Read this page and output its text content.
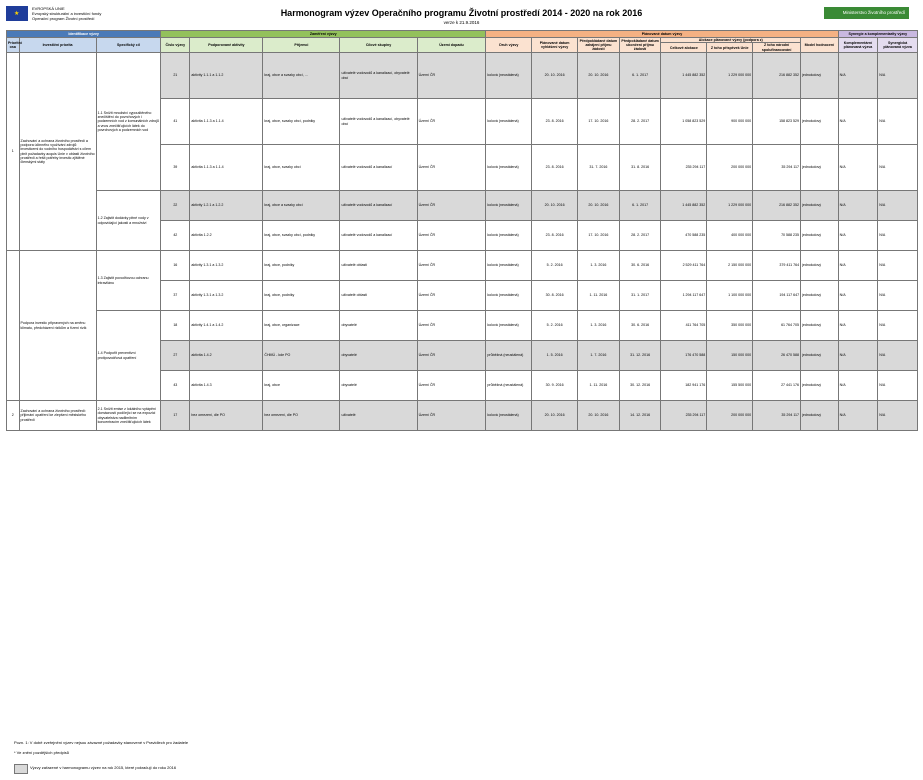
★
EVROPSKÁ UNIE
Evropský strukturální a investiční fondy
Operační program Životní prostředí
Ministerstvo životního prostředí
Harmonogram výzev Operačního programu Životní prostředí 2014 - 2020 na rok 2016
verze k 21.9.2016
Identifikace výzvy			Zaměření výzvy					Plánované datum výzvy								Synergie a komplementarity výzvy	
Prioritní osa	Investiční priorita	Specifický cíl	Číslo výzvy	Podporované aktivity	Příjemci	Cílové skupiny	Území dopadu	Druh výzvy	Plánované datum vyhlášení výzvy	Předpokládané datum zahájení příjmu žádostí	Předpokládané datum ukončení příjmu žádostí	Alokace plánované výzvy (podpora z)			Model hodnocení	Komplementární plánovaná výzva	Synergická plánovaná výzva
												Celkově alokace	Z toho příspěvek Unie	Z toho národní spolufinancování			
1	Zachování a ochrana životního prostředí a podpora účinného využívání zdrojů: investicemi do vodního hospodářství s cílem plnit požadavky acquis Unie v oblasti životního prostředí a řešit potřeby investic zjištěné členskými státy	1.1 Snížit množství vypouštěného znečištění do povrchových i podzemních vod z komunálních zdrojů a vnos znečišťujících látek do povrchových a podzemních vod	21	aktivity 1.1.1 a 1.1.2	kraj, obce a svazky obcí, ...	uživatelé vodovodů a kanalizací, obyvatelé obcí	Území ČR	kolová (neustálená)	20. 10. 2016	20. 10. 2016	6. 1. 2017	1 445 882 352	1 229 000 000	216 882 352	jednokolový	N/A	N/A
			41	aktivita 1.1.3 a 1.1.4	kraj, obce, svazky obcí, podniky	uživatelé vodovodů a kanalizací, obyvatelé obcí	Území ČR	kolová (neustálená)	23. 8. 2016	17. 10. 2016	28. 2. 2017	1 058 823 529	900 000 000	158 823 529	jednokolový	N/A	N/A
			39	aktivita 1.1.3 a 1.1.4	kraj, obce, svazky obcí	uživatelé vodovodů a kanalizací	Území ČR	kolová (neustálená)	23. 8. 2016	31. 7. 2016	31. 8. 2016	235 294 117	200 000 000	35 294 117	jednokolový	N/A	N/A
		1.2 Zajistit dodávky pitné vody v odpovídající jakosti a množství	22	aktivity 1.2.1 a 1.2.2	kraj, obce a svazky obcí	uživatelé vodovodů a kanalizací	Území ČR	kolová (neustálená)	20. 10. 2016	20. 10. 2016	6. 1. 2017	1 445 882 352	1 229 000 000	216 882 352	jednokolový	N/A	N/A
			42	aktivita 1.2.2	kraj, obce, svazky obcí, podniky	uživatelé vodovodů a kanalizací	Území ČR	kolová (neustálená)	23. 8. 2016	17. 10. 2016	28. 2. 2017	470 588 235	400 000 000	70 588 235	jednokolový	N/A	N/A
	Podpora investic připravených na změnu klimatu, předcházení rizikům a řízení rizik	1.3 Zajistit povodňovou ochranu intravilánu	16	aktivity 1.3.1 a 1.3.2	kraj, obce, podniky	uživatelé oblasti	Území ČR	kolová (neustálená)	5. 2. 2016	1. 3. 2016	30. 6. 2016	2 529 411 764	2 150 000 000	379 411 764	jednokolový	N/A	N/A
			37	aktivity 1.3.1 a 1.3.2	kraj, obce, podniky	uživatelé oblasti	Území ČR	kolová (neustálená)	30. 8. 2016	1. 11. 2016	31. 1. 2017	1 294 117 647	1 100 000 000	194 117 647	jednokolový	N/A	N/A
		1.4 Podpořit preventivní protipovodňová opatření	18	aktivity 1.4.1 a 1.4.2	kraj, obce, organizace	obyvatelé	Území ČR	kolová (neustálená)	5. 2. 2016	1. 3. 2016	30. 6. 2016	411 764 705	350 000 000	61 764 705	jednokolový	N/A	N/A
			27	aktivita 1.4.2	ČHMÚ - kde PO	obyvatelé	Území ČR	průběžná (neustálená)	1. 5. 2016	1. 7. 2016	31. 12. 2016	176 470 588	150 000 000	26 470 588	jednokolový	N/A	N/A
			43	aktivita 1.4.3	kraj, obce	obyvatelé	Území ČR	průběžná (neustálená)	30. 9. 2016	1. 11. 2016	30. 12. 2016	182 941 176	155 500 000	27 441 176	jednokolový	N/A	N/A
2	Zachování a ochrana životního prostředí: přijímání opatření ke zlepšení městského prostředí	2.1 Snížit emise z lokálního vytápění domácností podílející se na expozici obyvatelstva nadlimitním koncentracím znečišťujících látek	17	bez omezení, dle PO	bez omezení, dle PO	uživatelé	Území ČR	kolová (neustálená)	20. 10. 2016	20. 10. 2016	14. 12. 2016	235 294 117	200 000 000	35 294 117	jednokolový	N/A	N/A
Pozn. 1: V době zveřejnění výzev nejsou závazné požadavky stanovené v Pravidlech pro žadatele
* Ve znění pozdějších předpisů
Výzvy zařazené v harmonogramu výzev na rok 2015, které pokračují do roku 2016
